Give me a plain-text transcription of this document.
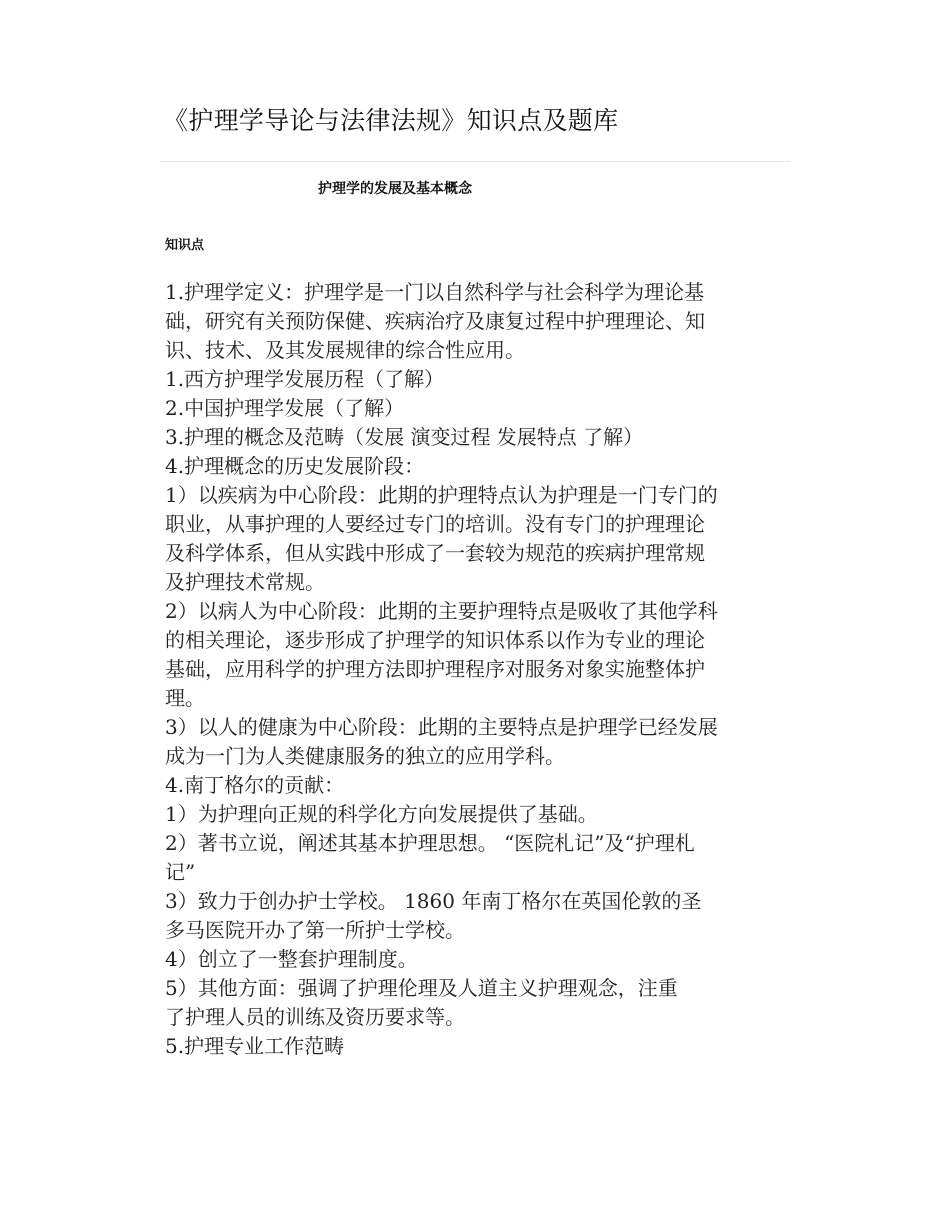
《护理学导论与法律法规》知识点及题库
护理学的发展及基本概念
知识点
1.护理学定义：护理学是一门以自然科学与社会科学为理论基
础，研究有关预防保健、疾病治疗及康复过程中护理理论、知
识、技术、及其发展规律的综合性应用。
1.西方护理学发展历程（了解）
2.中国护理学发展（了解）
3.护理的概念及范畴（发展 演变过程 发展特点 了解）
4.护理概念的历史发展阶段：
1）以疾病为中心阶段：此期的护理特点认为护理是一门专门的
职业，从事护理的人要经过专门的培训。没有专门的护理理论
及科学体系，但从实践中形成了一套较为规范的疾病护理常规
及护理技术常规。
2）以病人为中心阶段：此期的主要护理特点是吸收了其他学科
的相关理论，逐步形成了护理学的知识体系以作为专业的理论
基础，应用科学的护理方法即护理程序对服务对象实施整体护
理。
3）以人的健康为中心阶段：此期的主要特点是护理学已经发展
成为一门为人类健康服务的独立的应用学科。
4.南丁格尔的贡献：
1）为护理向正规的科学化方向发展提供了基础。
2）著书立说，阐述其基本护理思想。 “医院札记”及“护理札
记”
3）致力于创办护士学校。 1860 年南丁格尔在英国伦敦的圣
多马医院开办了第一所护士学校。
4）创立了一整套护理制度。
5）其他方面：强调了护理伦理及人道主义护理观念，注重
了护理人员的训练及资历要求等。
5.护理专业工作范畴
